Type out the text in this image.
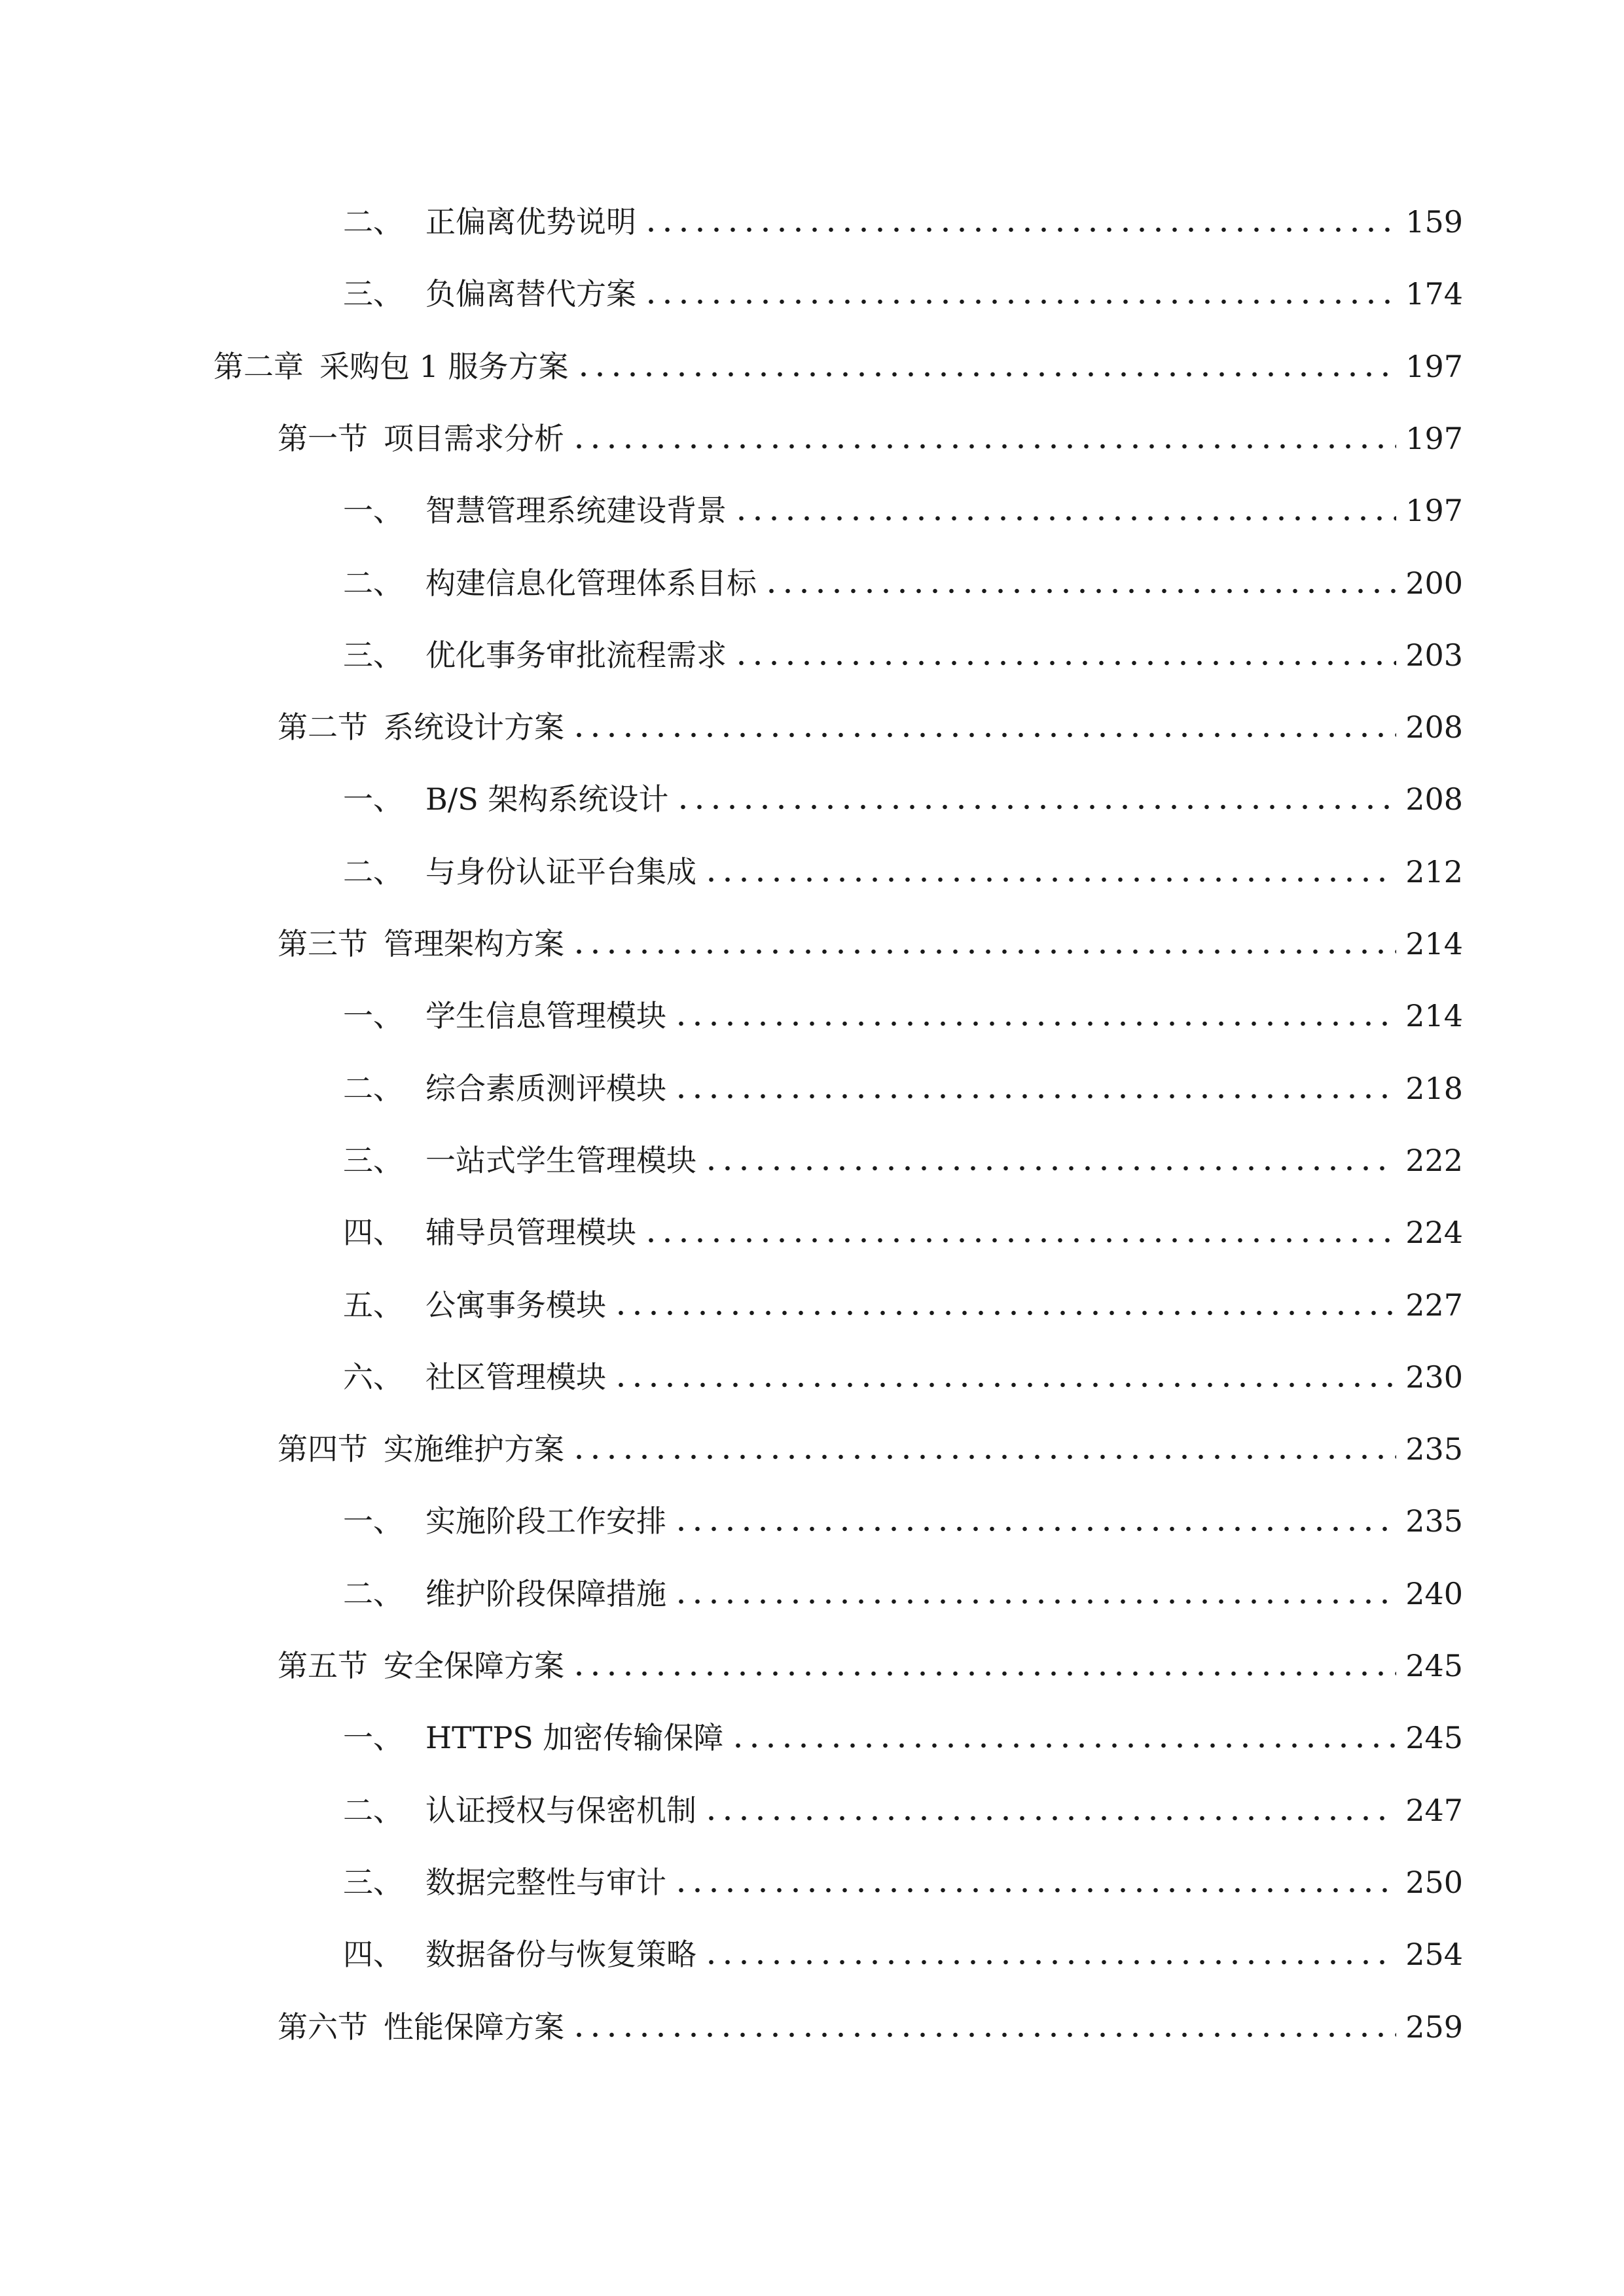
二、 正偏离优势说明	159
三、 负偏离替代方案	174
第二章 采购包 1 服务方案	197
第一节 项目需求分析	197
一、 智慧管理系统建设背景	197
二、 构建信息化管理体系目标	200
三、 优化事务审批流程需求	203
第二节 系统设计方案	208
一、 B/S 架构系统设计	208
二、 与身份认证平台集成	212
第三节 管理架构方案	214
一、 学生信息管理模块	214
二、 综合素质测评模块	218
三、 一站式学生管理模块	222
四、 辅导员管理模块	224
五、 公寓事务模块	227
六、 社区管理模块	230
第四节 实施维护方案	235
一、 实施阶段工作安排	235
二、 维护阶段保障措施	240
第五节 安全保障方案	245
一、 HTTPS 加密传输保障	245
二、 认证授权与保密机制	247
三、 数据完整性与审计	250
四、 数据备份与恢复策略	254
第六节 性能保障方案	259
